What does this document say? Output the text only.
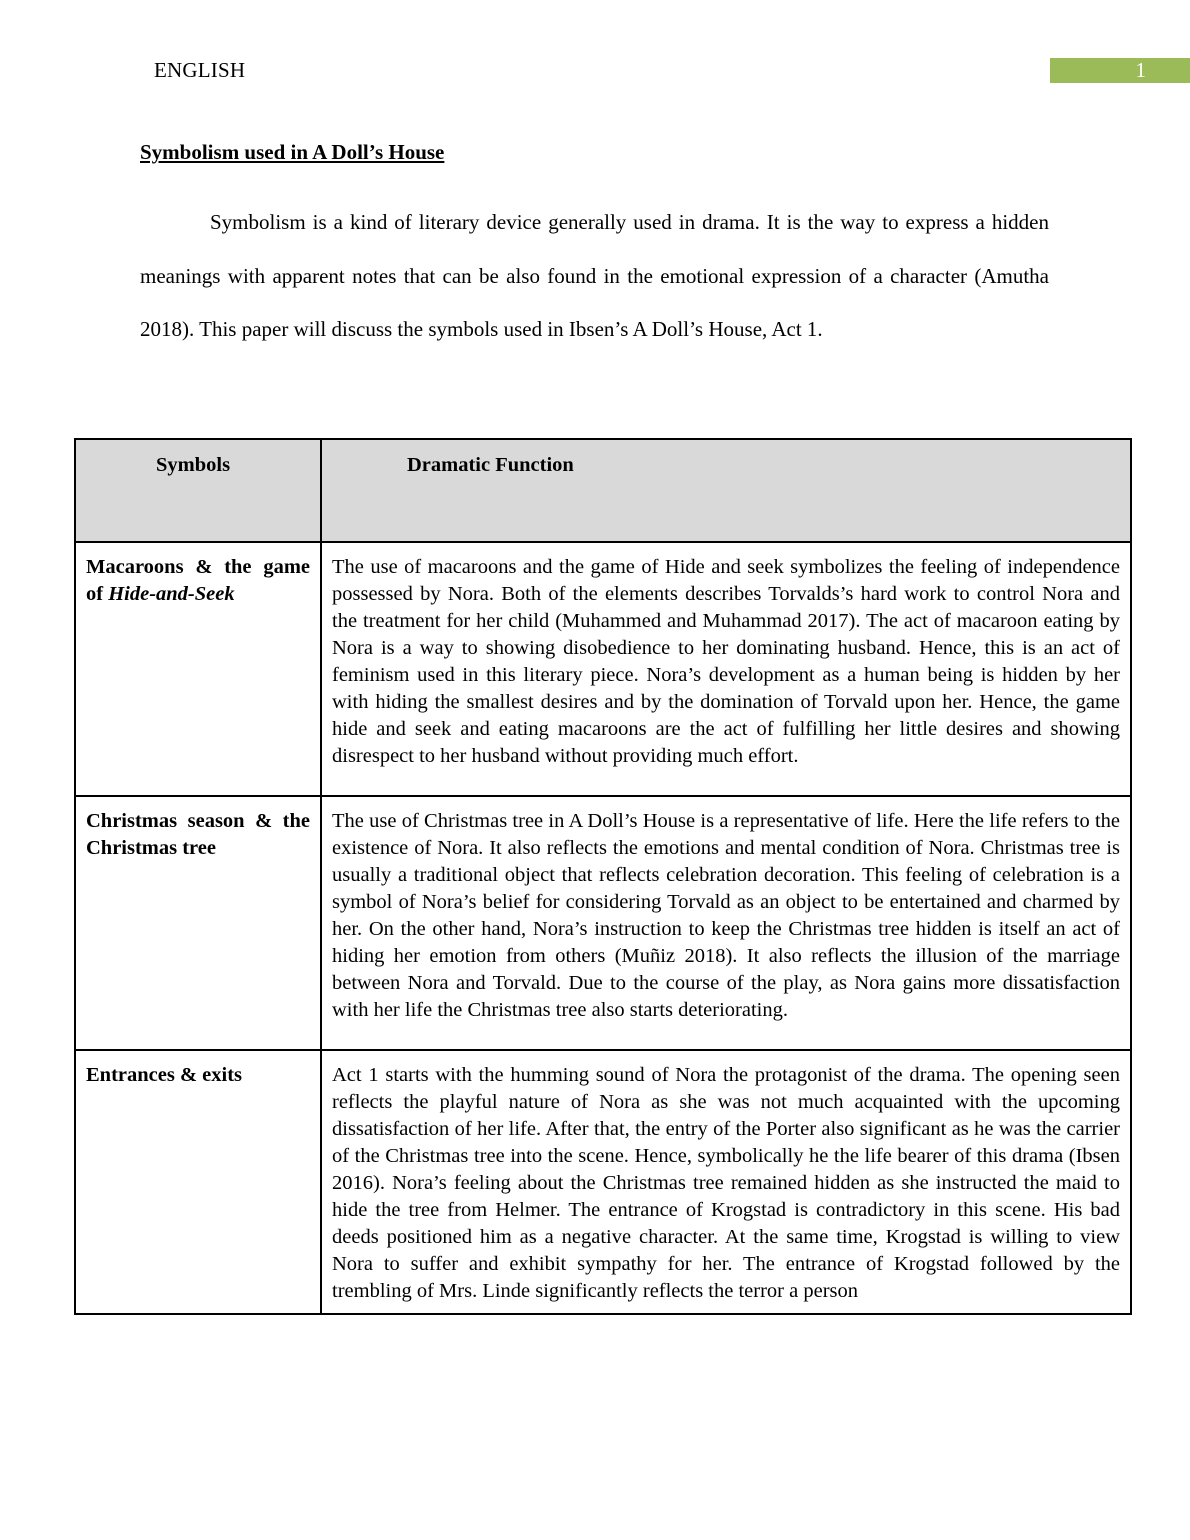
ENGLISH	1
Symbolism used in A Doll’s House

Symbolism is a kind of literary device generally used in drama. It is the way to express a hidden meanings with apparent notes that can be also found in the emotional expression of a character (Amutha 2018). This paper will discuss the symbols used in Ibsen’s A Doll’s House, Act 1.

Symbols	Dramatic Function

Macaroons & the game of Hide-and-Seek	The use of macaroons and the game of Hide and seek symbolizes the feeling of independence possessed by Nora. Both of the elements describes Torvalds’s hard work to control Nora and the treatment for her child (Muhammed and Muhammad 2017). The act of macaroon eating by Nora is a way to showing disobedience to her dominating husband. Hence, this is an act of feminism used in this literary piece. Nora’s development as a human being is hidden by her with hiding the smallest desires and by the domination of Torvald upon her. Hence, the game hide and seek and eating macaroons are the act of fulfilling her little desires and showing disrespect to her husband without providing much effort.

Christmas season & the Christmas tree	The use of Christmas tree in A Doll’s House is a representative of life. Here the life refers to the existence of Nora. It also reflects the emotions and mental condition of Nora. Christmas tree is usually a traditional object that reflects celebration decoration. This feeling of celebration is a symbol of Nora’s belief for considering Torvald as an object to be entertained and charmed by her. On the other hand, Nora’s instruction to keep the Christmas tree hidden is itself an act of hiding her emotion from others (Muñiz 2018). It also reflects the illusion of the marriage between Nora and Torvald. Due to the course of the play, as Nora gains more dissatisfaction with her life the Christmas tree also starts deteriorating.

Entrances & exits	Act 1 starts with the humming sound of Nora the protagonist of the drama. The opening seen reflects the playful nature of Nora as she was not much acquainted with the upcoming dissatisfaction of her life. After that, the entry of the Porter also significant as he was the carrier of the Christmas tree into the scene. Hence, symbolically he the life bearer of this drama (Ibsen 2016). Nora’s feeling about the Christmas tree remained hidden as she instructed the maid to hide the tree from Helmer. The entrance of Krogstad is contradictory in this scene. His bad deeds positioned him as a negative character. At the same time, Krogstad is willing to view Nora to suffer and exhibit sympathy for her. The entrance of Krogstad followed by the trembling of Mrs. Linde significantly reflects the terror a person
